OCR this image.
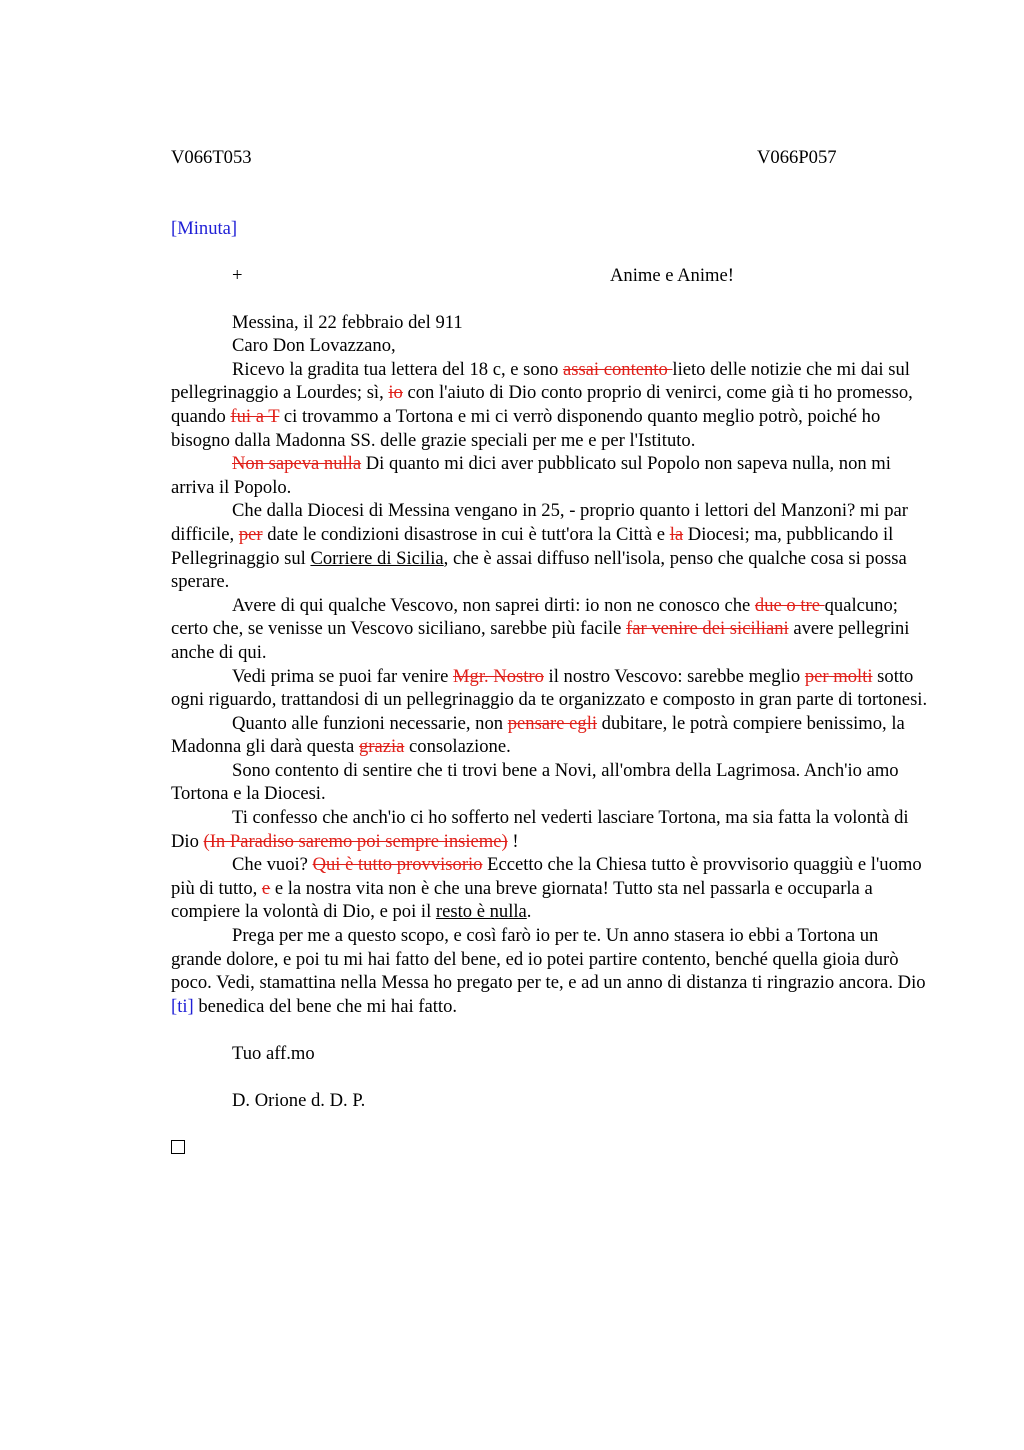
V066T053	V066P057
[Minuta]
+	Anime e Anime!
Messina, il 22 febbraio del 911
Caro Don Lovazzano,

Ricevo la gradita tua lettera del 18 c, e sono assai contento lieto delle notizie che mi dai sul pellegrinaggio a Lourdes; sì, io con l'aiuto di Dio conto proprio di venirci, come già ti ho promesso, quando fui a T ci trovammo a Tortona e mi ci verrò disponendo quanto meglio potrò, poiché ho bisogno dalla Madonna SS. delle grazie speciali per me e per l'Istituto.

Non sapeva nulla Di quanto mi dici aver pubblicato sul Popolo non sapeva nulla, non mi arriva il Popolo.

Che dalla Diocesi di Messina vengano in 25, - proprio quanto i lettori del Manzoni? mi par difficile, per date le condizioni disastrose in cui è tutt'ora la Città e la Diocesi; ma, pubblicando il Pellegrinaggio sul Corriere di Sicilia, che è assai diffuso nell'isola, penso che qualche cosa si possa sperare.

Avere di qui qualche Vescovo, non saprei dirti: io non ne conosco che due o tre qualcuno; certo che, se venisse un Vescovo siciliano, sarebbe più facile far venire dei siciliani avere pellegrini anche di qui.

Vedi prima se puoi far venire Mgr. Nostro il nostro Vescovo: sarebbe meglio per molti sotto ogni riguardo, trattandosi di un pellegrinaggio da te organizzato e composto in gran parte di tortonesi.

Quanto alle funzioni necessarie, non pensare egli dubitare, le potrà compiere benissimo, la Madonna gli darà questa grazia consolazione.

Sono contento di sentire che ti trovi bene a Novi, all'ombra della Lagrimosa. Anch'io amo Tortona e la Diocesi.

Ti confesso che anch'io ci ho sofferto nel vederti lasciare Tortona, ma sia fatta la volontà di Dio (In Paradiso saremo poi sempre insieme) !

Che vuoi? Qui è tutto provvisorio Eccetto che la Chiesa tutto è provvisorio quaggiù e l'uomo più di tutto, e e la nostra vita non è che una breve giornata! Tutto sta nel passarla e occuparla a compiere la volontà di Dio, e poi il resto è nulla.

Prega per me a questo scopo, e così farò io per te. Un anno stasera io ebbi a Tortona un grande dolore, e poi tu mi hai fatto del bene, ed io potei partire contento, benché quella gioia durò poco. Vedi, stamattina nella Messa ho pregato per te, e ad un anno di distanza ti ringrazio ancora. Dio [ti] benedica del bene che mi hai fatto.

Tuo aff.mo
D. Orione d. D. P.
